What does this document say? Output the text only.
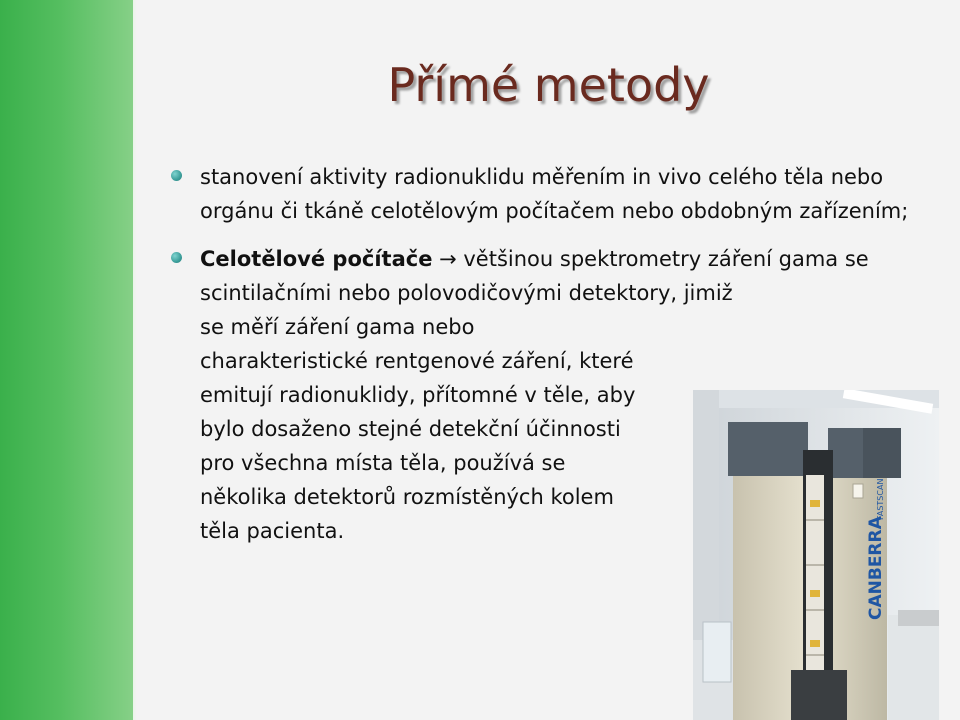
Přímé metody
stanovení aktivity radionuklidu měřením in vivo celého těla nebo orgánu či tkáně celotělovým počítačem nebo obdobným zařízením;
Celotělové počítače → většinou spektrometry záření gama se scintilačními nebo polovodičovými detektory, jimiž
se měří záření gama nebo charakteristické rentgenové záření, které emitují radionuklidy, přítomné v těle, aby bylo dosaženo stejné detekční účinnosti pro všechna místa těla, používá se několika detektorů rozmístěných kolem těla pacienta.	CANBERRA
FASTSCAN
